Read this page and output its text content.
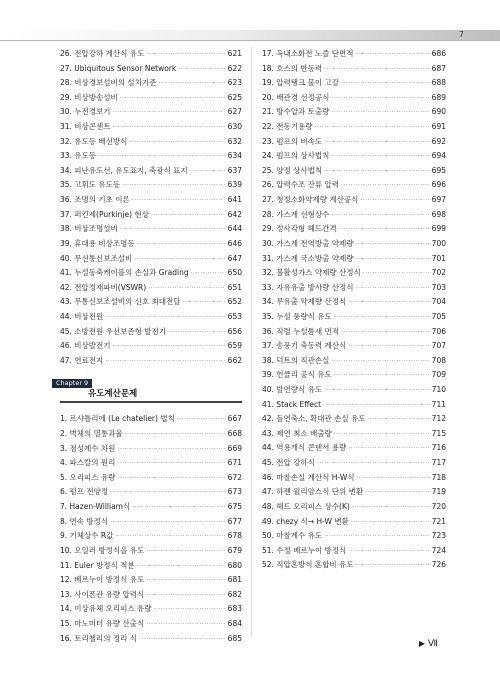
7
26. 전압강하 계산식 유도 ·····	621
27. Ubiquitous Sensor Network ·····	622
28. 비상경보설비의 설치기준 ·····	623
29. 비상방송설비 ·····	625
30. 누전경보기 ·····	627
31. 비상콘센트 ·····	630
32. 유도등 배선방식 ·····	632
33. 유도등 ·····	634
34. 피난유도선, 유도표지, 축광식 표지 ·····	637
35. 고휘도 유도등 ·····	639
36. 조명의 기초 이론 ·····	641
37. 퍼킨제(Purkinje) 현상 ·····	642
38. 비상조명설비 ·····	644
39. 휴대용 비상조명등 ·····	646
40. 무선통신보조설비 ·····	647
41. 누설동축케이블의 손실과 Grading ·····	650
42. 전압정재파비(VSWR) ·····	651
43. 무통신보조설비의 신호 최대전달 ·····	652
44. 비상전원 ·····	653
45. 소방전원 우선보존형 발전기 ·····	656
46. 비상발전기 ·····	659
47. 연료전지 ·····	662
Chapter 9
유도계산문제
1. 르샤틀리에 (Le chatelier) 법칙 ·····	667
2. 벽체의 열통과율 ·····	668
3. 점성계수 차원 ·····	669
4. 파스칼의 원리 ·····	671
5. 오리피스 유량 ·····	672
6. 펌프 전양정 ·····	673
7. Hazen-William식 ·····	675
8. 연속 방정식 ·····	677
9. 기체상수 R값 ·····	678
10. 오일러 방정식을 유도 ·····	679
11. Euler 방정식 적분 ·····	680
12. 베르누이 방정식 유도 ·····	681
13. 사이폰관 유량 압력식 ·····	682
14. 이상유체 오리피스 유량 ·····	683
15. 마노미터 유량 산출식 ·····	684
16. 토리첼리의 정리 식 ·····	685
17. 옥내소화전 노즐 단면적 ·····	686
18. 호스의 반동력 ·····	687
19. 압력탱크 물이 고갈 ·····	688
20. 배관경 선정공식 ·····	689
21. 방수압과 토출량 ·····	690
22. 전동기용량 ·····	691
23. 펌프의 비속도 ·····	692
24. 펌프의 상사법칙 ·····	694
25. 양정 상사법칙 ·····	695
26. 압력수조 잔류 압력 ·····	696
27. 청정소화약제량 계산공식 ·····	697
28. 가스계 선형상수 ·····	698
29. 정사각형 헤드간격 ·····	699
30. 가스계 전역방출 약제량 ·····	700
31. 가스계 국소방출 약제량 ·····	701
32. 불활성가스 약제량 산정식 ·····	702
33. 자유유출 방사량 산정식 ·····	703
34. 무유출 약제량 산정식 ·····	704
35. 누설 풍량식 유도 ·····	705
36. 직렬 누설틈새 면적 ·····	706
37. 송풍기 축동력 계산식 ·····	707
38. 덕트의 직관손실 ·····	708
39. 헌클리 공식 유도 ·····	709
40. 발연량식 유도 ·····	710
41. Stack Effect ·····	711
42. 돌연축소, 확대관 손실 유도 ·····	712
43. 제연 최소 배출량 ·····	715
44. 역용개식 콘덴서 용량 ·····	716
45. 전압 강하식 ·····	717
46. 마찰손실 계산식 H-W식 ·····	718
47. 하젠 윌리암스식 단위 변환 ·····	719
48. 헤드 오리피스 상수(K) ·····	720
49. chezy 식→ H-W 변환 ·····	721
50. 마찰계수 유도 ·····	723
51. 수정 베르누이 방정식 ·····	724
52. 직압혼방식 혼합비 유도 ·····	726
▶ Ⅶ
